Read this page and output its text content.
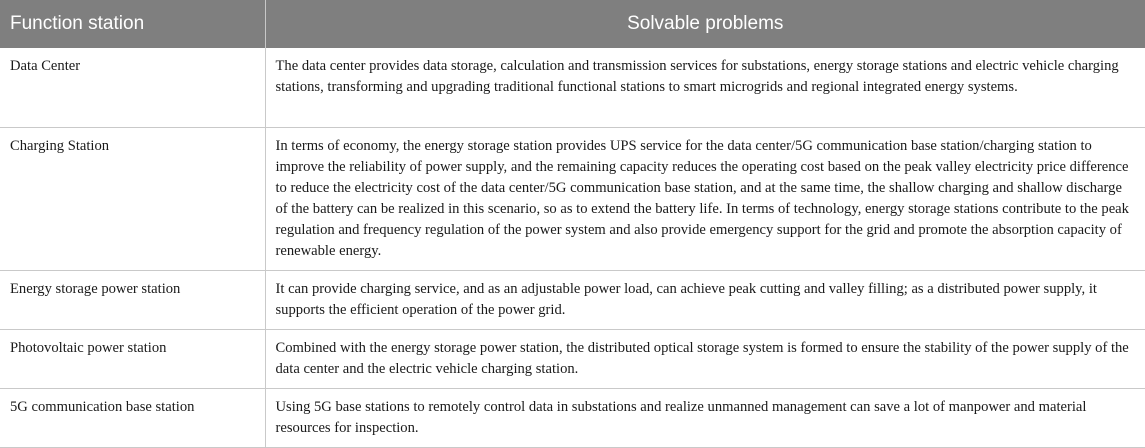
Function station	Solvable problems
Data Center	The data center provides data storage, calculation and transmission services for substations, energy storage stations and electric vehicle charging stations, transforming and upgrading traditional functional stations to smart microgrids and regional integrated energy systems.
Charging Station	In terms of economy, the energy storage station provides UPS service for the data center/5G communication base station/charging station to improve the reliability of power supply, and the remaining capacity reduces the operating cost based on the peak valley electricity price difference to reduce the electricity cost of the data center/5G communication base station, and at the same time, the shallow charging and shallow discharge of the battery can be realized in this scenario, so as to extend the battery life. In terms of technology, energy storage stations contribute to the peak regulation and frequency regulation of the power system and also provide emergency support for the grid and promote the absorption capacity of renewable energy.
Energy storage power station	It can provide charging service, and as an adjustable power load, can achieve peak cutting and valley filling; as a distributed power supply, it supports the efficient operation of the power grid.
Photovoltaic power station	Combined with the energy storage power station, the distributed optical storage system is formed to ensure the stability of the power supply of the data center and the electric vehicle charging station.
5G communication base station	Using 5G base stations to remotely control data in substations and realize unmanned management can save a lot of manpower and material resources for inspection.
